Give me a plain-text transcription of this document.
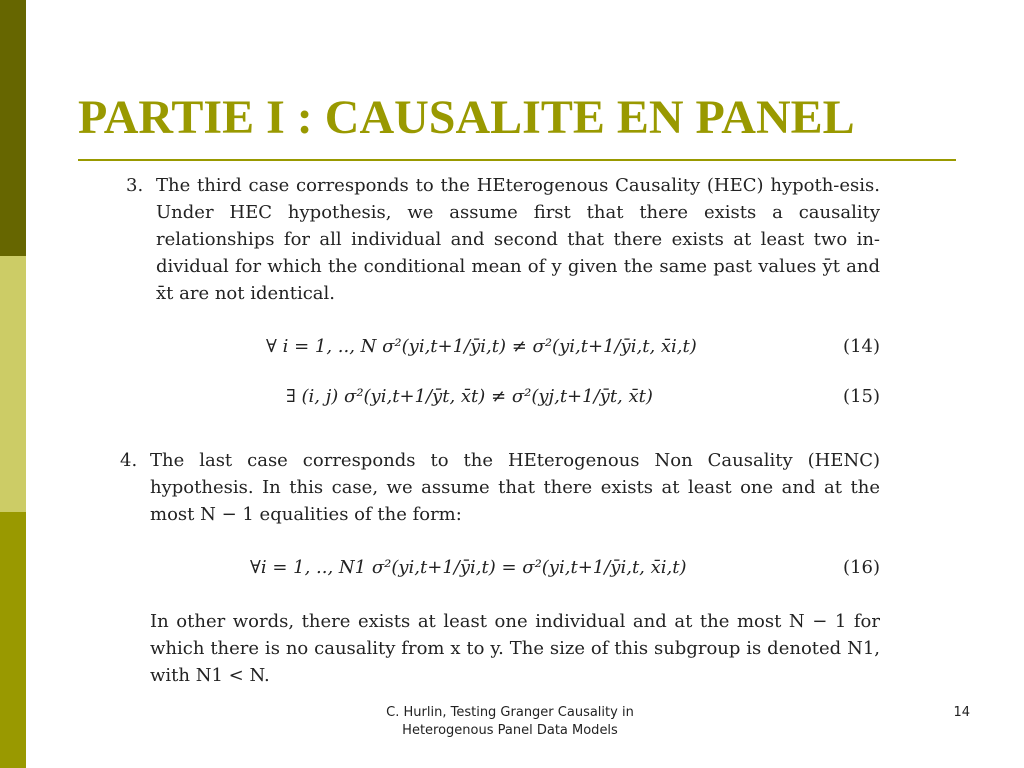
PARTIE I : CAUSALITE EN PANEL
3. The third case corresponds to the HEterogenous Causality (HEC) hypoth-esis. Under HEC hypothesis, we assume first that there exists a causality relationships for all individual and second that there exists at least two in-dividual for which the conditional mean of y given the same past values ȳt and x̄t are not identical.

∀ i = 1, .., N σ²(yi,t+1/ȳi,t) ≠ σ²(yi,t+1/ȳi,t, x̄i,t)	(14)
∃ (i, j) σ²(yi,t+1/ȳt, x̄t) ≠ σ²(yj,t+1/ȳt, x̄t)	(15)
4. The last case corresponds to the HEterogenous Non Causality (HENC) hypothesis. In this case, we assume that there exists at least one and at the most N − 1 equalities of the form:

∀i = 1, .., N1 σ²(yi,t+1/ȳi,t) = σ²(yi,t+1/ȳi,t, x̄i,t)	(16)

In other words, there exists at least one individual and at the most N − 1 for which there is no causality from x to y. The size of this subgroup is denoted N1, with N1 < N.

C. Hurlin, Testing Granger Causality in
Heterogenous Panel Data Models
14
